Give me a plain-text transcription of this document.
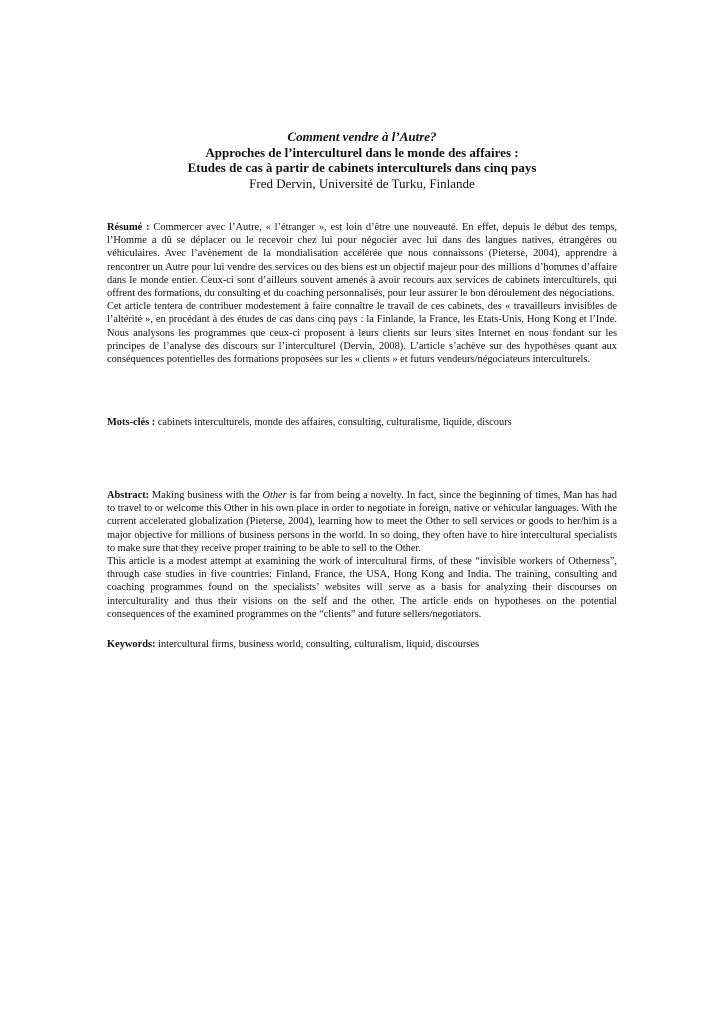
Comment vendre à l’Autre?
Approches de l’interculturel dans le monde des affaires :
Etudes de cas à partir de cabinets interculturels dans cinq pays
Fred Dervin, Université de Turku, Finlande

Résumé : Commercer avec l’Autre, « l’étranger », est loin d’être une nouveauté. En effet, depuis le début des temps, l’Homme a dû se déplacer ou le recevoir chez lui pour négocier avec lui dans des langues natives, étrangères ou véhiculaires. Avec l’avènement de la mondialisation accélérée que nous connaissons (Pieterse, 2004), apprendre à rencontrer un Autre pour lui vendre des services ou des biens est un objectif majeur pour des millions d’hommes d’affaire dans le monde entier. Ceux-ci sont d’ailleurs souvent amenés à avoir recours aux services de cabinets interculturels, qui offrent des formations, du consulting et du coaching personnalisés, pour leur assurer le bon déroulement des négociations.

Cet article tentera de contribuer modestement à faire connaître le travail de ces cabinets, des « travailleurs invisibles de l’altérité », en procédant à des études de cas dans cinq pays : la Finlande, la France, les Etats-Unis, Hong Kong et l’Inde. Nous analysons les programmes que ceux-ci proposent à leurs clients sur leurs sites Internet en nous fondant sur les principes de l’analyse des discours sur l’interculturel (Dervin, 2008). L’article s’achève sur des hypothèses quant aux conséquences potentielles des formations proposées sur les « clients » et futurs vendeurs/négociateurs interculturels.

Mots-clés : cabinets interculturels, monde des affaires, consulting, culturalisme, liquide, discours

Abstract: Making business with the Other is far from being a novelty. In fact, since the beginning of times, Man has had to travel to or welcome this Other in his own place in order to negotiate in foreign, native or vehicular languages. With the current accelerated globalization (Pieterse, 2004), learning how to meet the Other to sell services or goods to her/him is a major objective for millions of business persons in the world. In so doing, they often have to hire intercultural specialists to make sure that they receive proper training to be able to sell to the Other.

This article is a modest attempt at examining the work of intercultural firms, of these “invisible workers of Otherness”, through case studies in five countries: Finland, France, the USA, Hong Kong and India. The training, consulting and coaching programmes found on the specialists’ websites will serve as a basis for analyzing their discourses on interculturality and thus their visions on the self and the other. The article ends on hypotheses on the potential consequences of the examined programmes on the “clients” and future sellers/negotiators.

Keywords: intercultural firms, business world, consulting, culturalism, liquid, discourses
